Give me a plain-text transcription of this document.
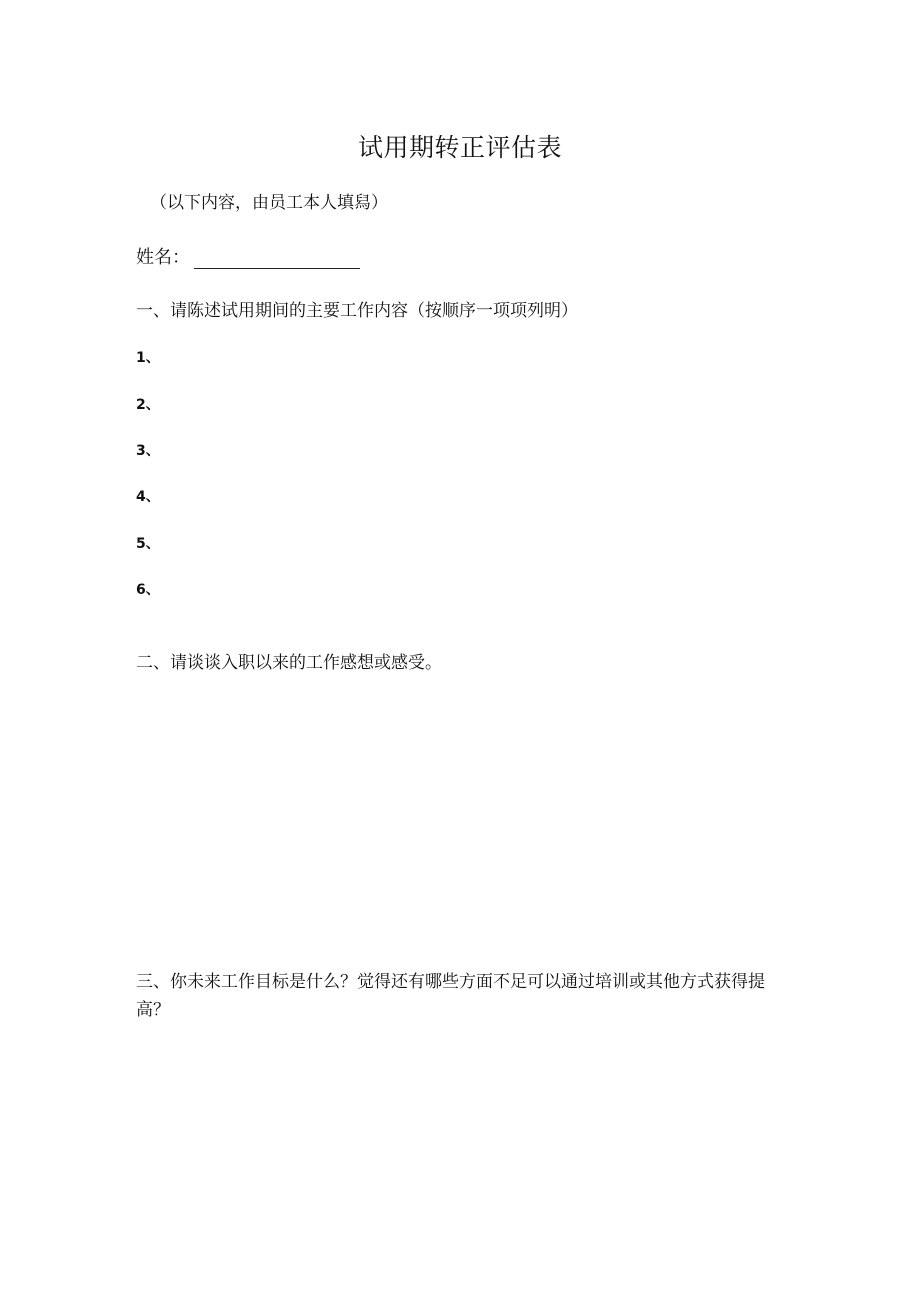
试用期转正评估表
（以下内容，由员工本人填舄）
姓名：
一、请陈述试用期间的主要工作内容（按顺序一项项列明）
1、
2、
3、
4、
5、
6、
二、请谈谈入职以来的工作感想或感受。
三、你未来工作目标是什么？觉得还有哪些方面不足可以通过培训或其他方式获得提高？
